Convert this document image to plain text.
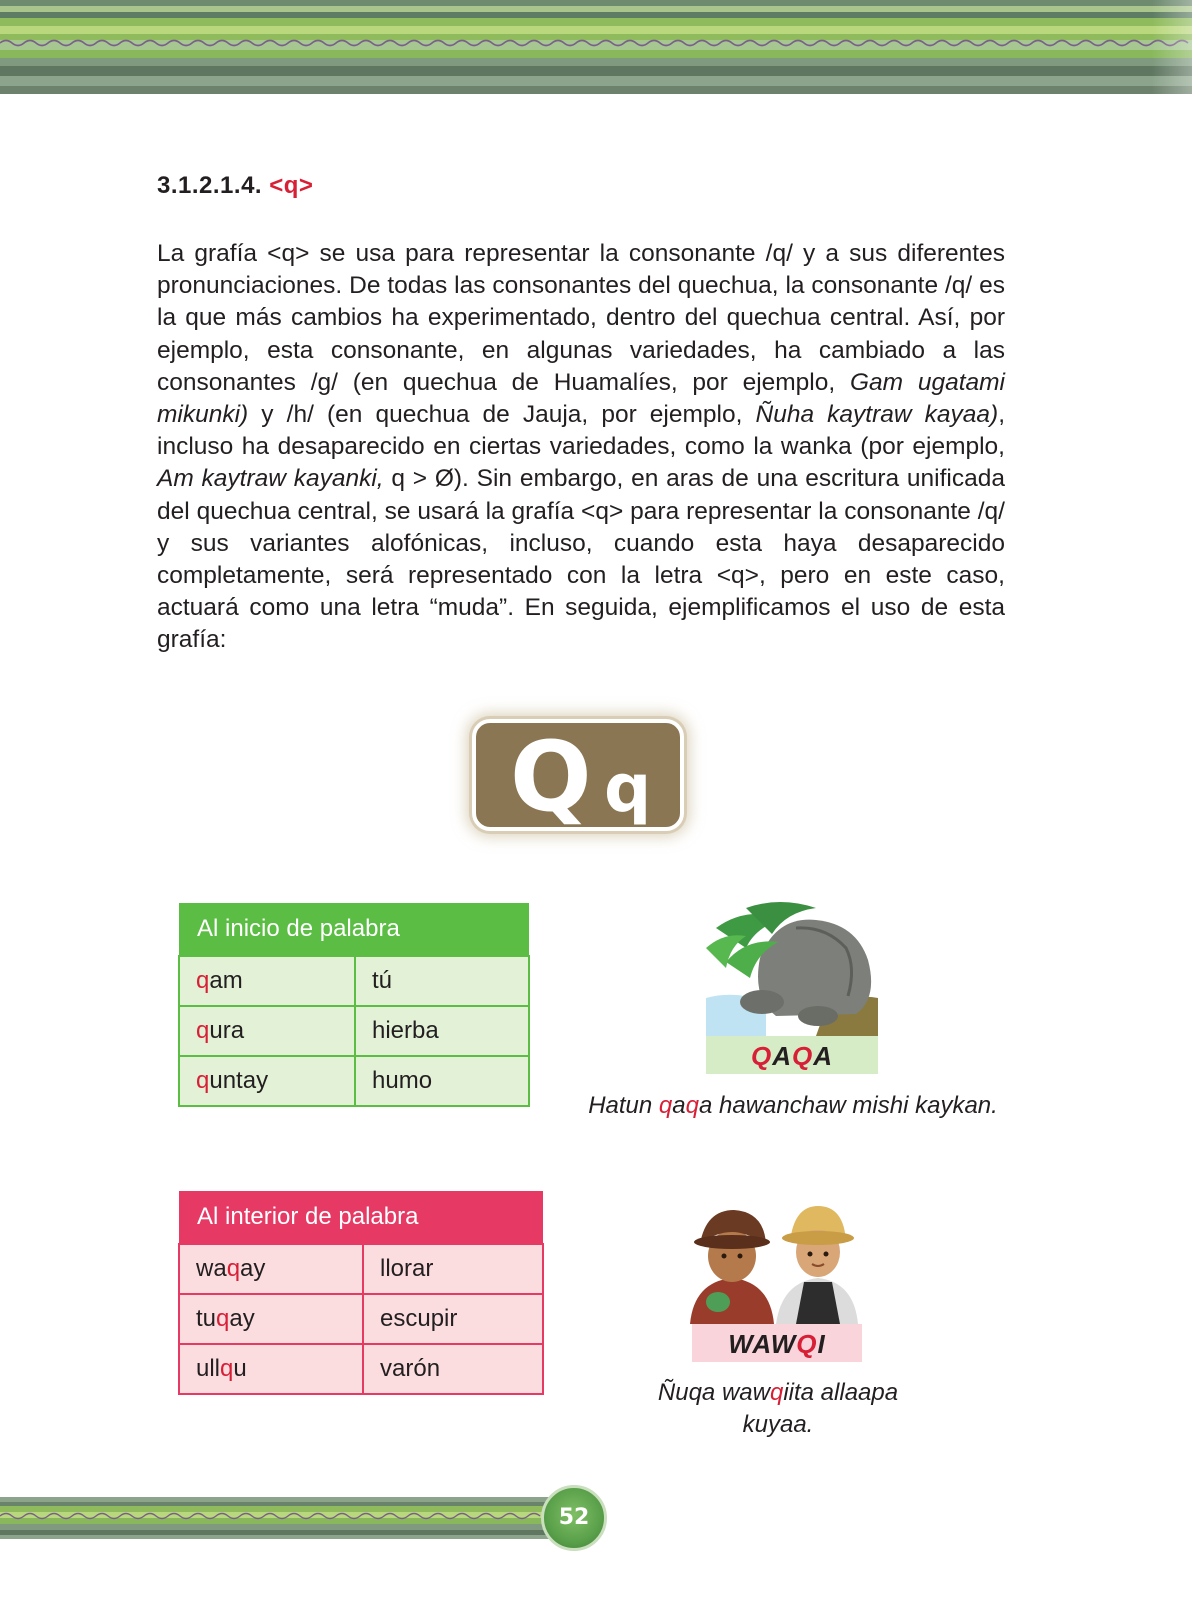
3.1.2.1.4. <q>

La grafía <q> se usa para representar la consonante /q/ y a sus diferentes pronunciaciones. De todas las consonantes del quechua, la consonante /q/ es la que más cambios ha experimentado, dentro del quechua central. Así, por ejemplo, esta consonante, en algunas variedades, ha cambiado a las consonantes /g/ (en quechua de Huamalíes, por ejemplo, Gam ugatami mikunki) y /h/ (en quechua de Jauja, por ejemplo, Ñuha kaytraw kayaa), incluso ha desaparecido en ciertas variedades, como la wanka (por ejemplo, Am kaytraw kayanki, q > Ø). Sin embargo, en aras de una escritura unificada del quechua central, se usará la grafía <q> para representar la consonante /q/ y sus variantes alofónicas, incluso, cuando esta haya desaparecido completamente, será representado con la letra <q>, pero en este caso, actuará como una letra “muda”. En seguida, ejemplificamos el uso de esta grafía:

Q q
Al inicio de palabra	
qam	tú
qura	hierba
quntay	humo
Al interior de palabra	
waqay	llorar
tuqay	escupir
ullqu	varón
QAQA
Hatun qaqa hawanchaw mishi kaykan.
WAWQI
Ñuqa wawqiita allaapa kuyaa.
52
